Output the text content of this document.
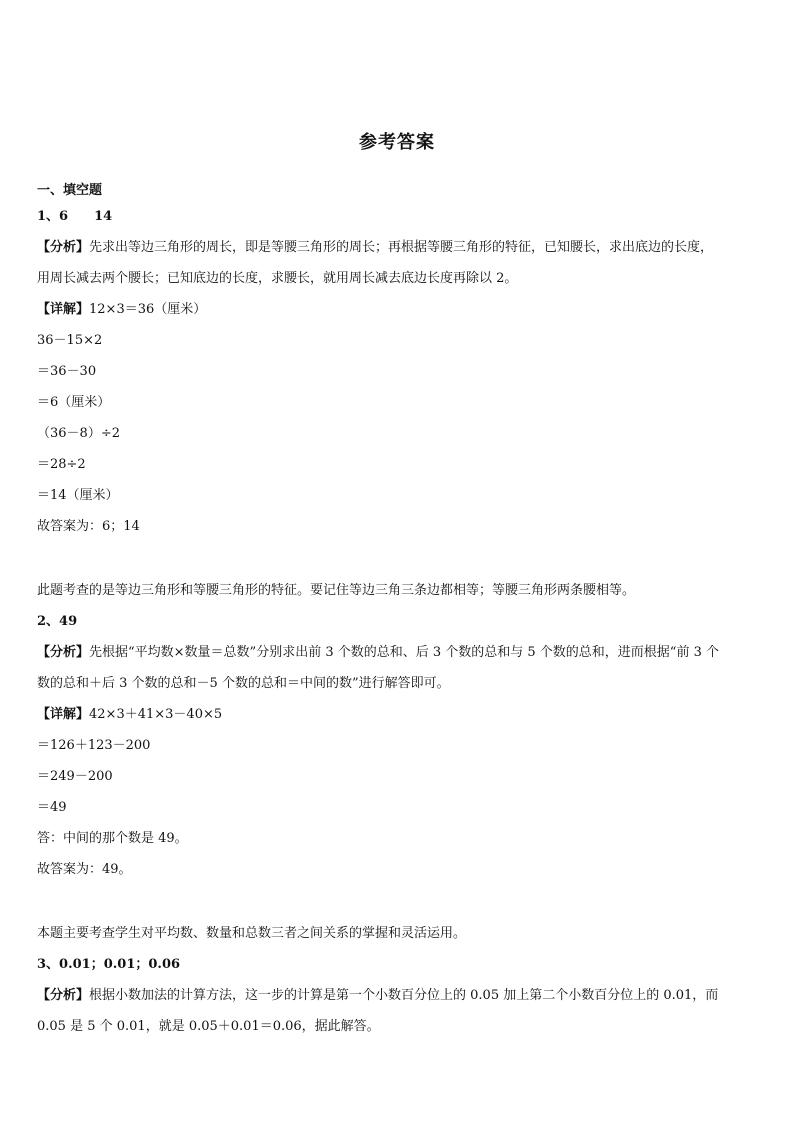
参考答案
一、填空题
1、6 14
【分析】先求出等边三角形的周长，即是等腰三角形的周长；再根据等腰三角形的特征，已知腰长，求出底边的长度，
用周长减去两个腰长；已知底边的长度，求腰长，就用周长减去底边长度再除以 2。
【详解】12×3＝36（厘米）
36－15×2
＝36－30
＝6（厘米）
（36－8）÷2
＝28÷2
＝14（厘米）
故答案为：6；14
此题考查的是等边三角形和等腰三角形的特征。要记住等边三角三条边都相等；等腰三角形两条腰相等。
2、49
【分析】先根据“平均数×数量＝总数”分别求出前 3 个数的总和、后 3 个数的总和与 5 个数的总和，进而根据“前 3 个
数的总和＋后 3 个数的总和－5 个数的总和＝中间的数”进行解答即可。
【详解】42×3＋41×3－40×5
＝126＋123－200
＝249－200
＝49
答：中间的那个数是 49。
故答案为：49。
本题主要考查学生对平均数、数量和总数三者之间关系的掌握和灵活运用。
3、0.01；0.01；0.06
【分析】根据小数加法的计算方法，这一步的计算是第一个小数百分位上的 0.05 加上第二个小数百分位上的 0.01，而
0.05 是 5 个 0.01，就是 0.05＋0.01＝0.06，据此解答。
